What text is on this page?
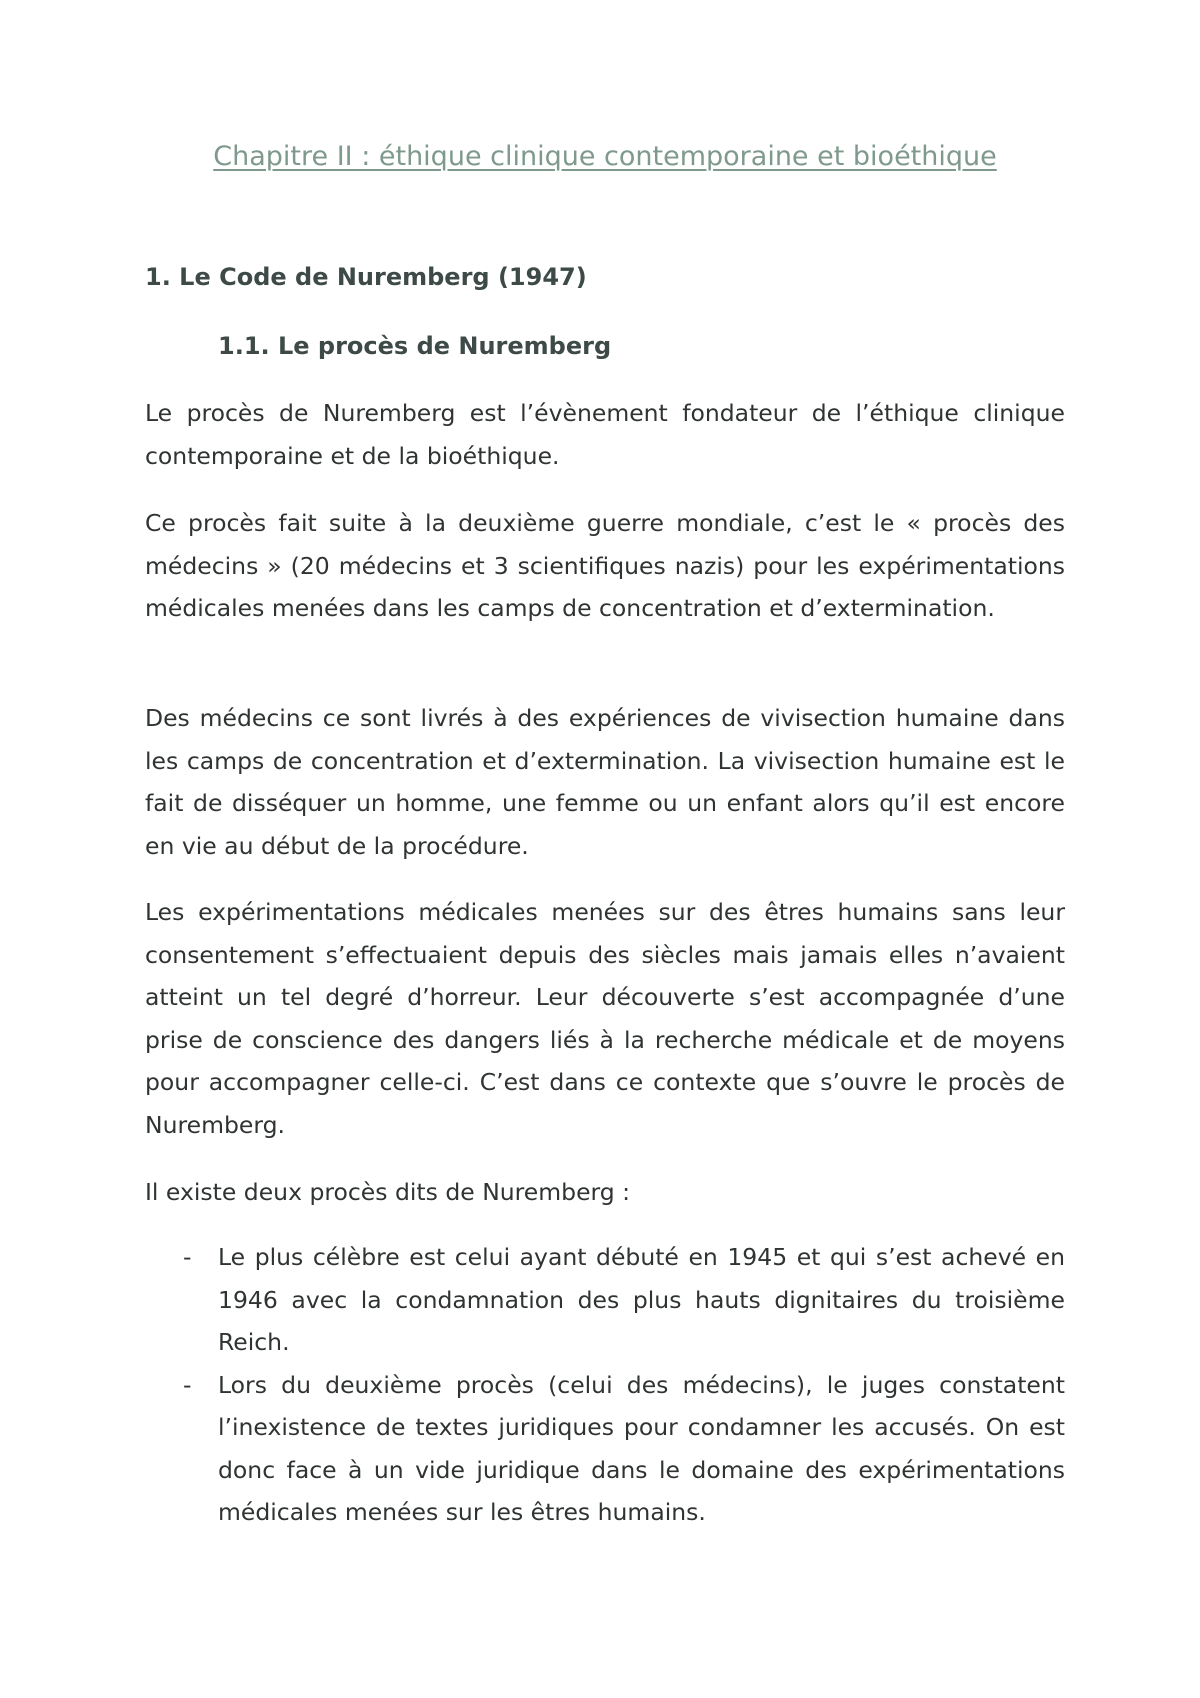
Chapitre II : éthique clinique contemporaine et bioéthique
1. Le Code de Nuremberg (1947)
1.1. Le procès de Nuremberg

Le procès de Nuremberg est l’évènement fondateur de l’éthique clinique contemporaine et de la bioéthique.

Ce procès fait suite à la deuxième guerre mondiale, c’est le « procès des médecins » (20 médecins et 3 scientifiques nazis) pour les expérimentations médicales menées dans les camps de concentration et d’extermination.

Des médecins ce sont livrés à des expériences de vivisection humaine dans les camps de concentration et d’extermination. La vivisection humaine est le fait de disséquer un homme, une femme ou un enfant alors qu’il est encore en vie au début de la procédure.

Les expérimentations médicales menées sur des êtres humains sans leur consentement s’effectuaient depuis des siècles mais jamais elles n’avaient atteint un tel degré d’horreur. Leur découverte s’est accompagnée d’une prise de conscience des dangers liés à la recherche médicale et de moyens pour accompagner celle-ci. C’est dans ce contexte que s’ouvre le procès de Nuremberg.

Il existe deux procès dits de Nuremberg :

- Le plus célèbre est celui ayant débuté en 1945 et qui s’est achevé en 1946 avec la condamnation des plus hauts dignitaires du troisième Reich.
- Lors du deuxième procès (celui des médecins), le juges constatent l’inexistence de textes juridiques pour condamner les accusés. On est donc face à un vide juridique dans le domaine des expérimentations médicales menées sur les êtres humains.
